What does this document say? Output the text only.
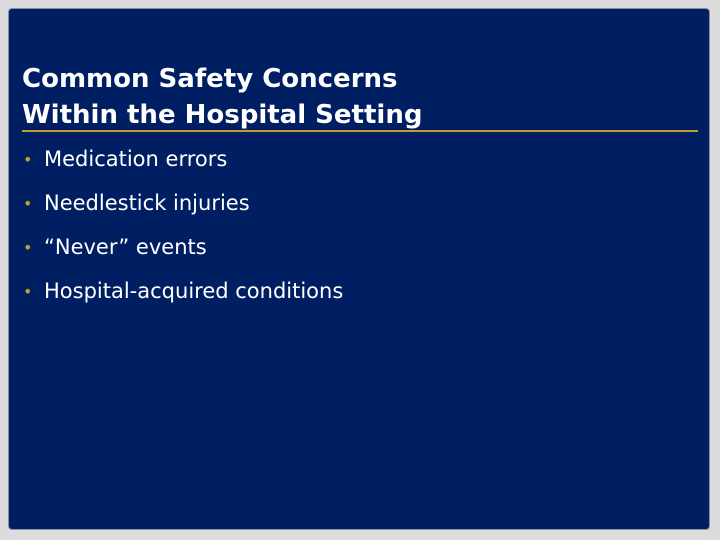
Common Safety Concerns
Within the Hospital Setting
• Medication errors
• Needlestick injuries
• “Never” events
• Hospital-acquired conditions
